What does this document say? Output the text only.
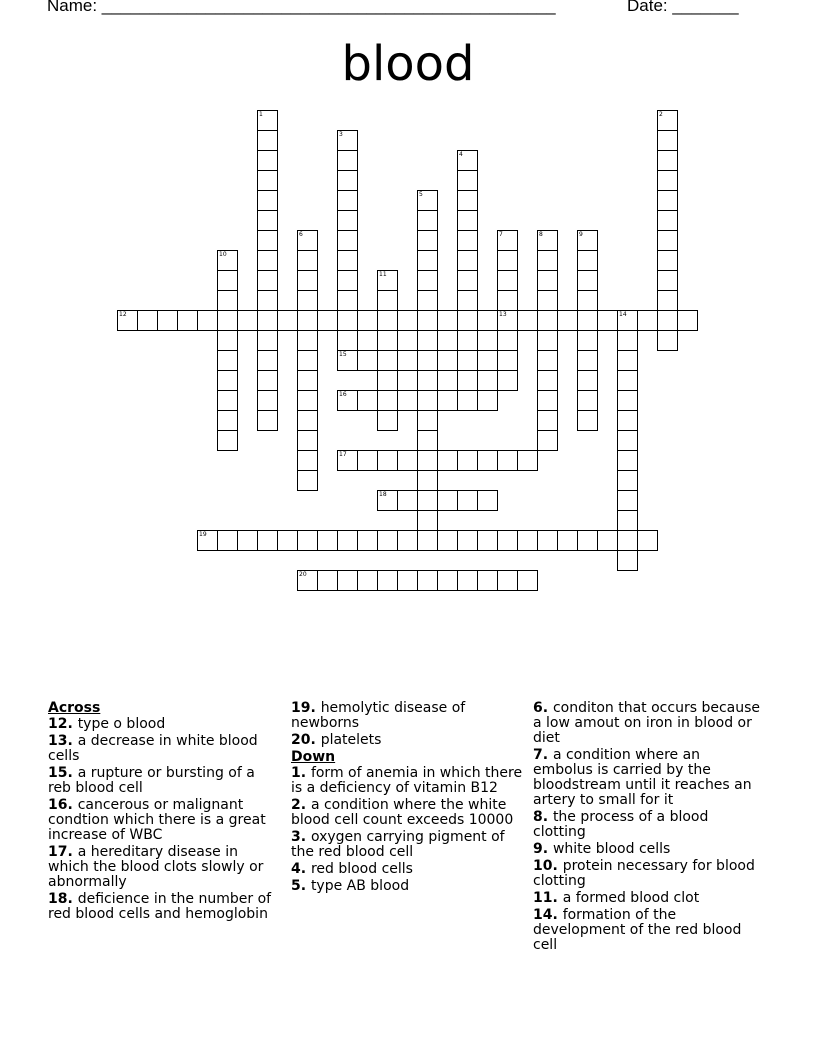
Name: ________________________________________________	Date: _______
blood
12	13
15
16
17
18
19
20
1	2
3
4
5
6	7	8	9
10
11
14
Across
12. type o blood
13. a decrease in white blood cells
15. a rupture or bursting of a reb blood cell
16. cancerous or malignant condtion which there is a great increase of WBC
17. a hereditary disease in which the blood clots slowly or abnormally
18. deficience in the number of red blood cells and hemoglobin
19. hemolytic disease of newborns
20. platelets
Down
1. form of anemia in which there is a deficiency of vitamin B12
2. a condition where the white blood cell count exceeds 10000
3. oxygen carrying pigment of the red blood cell
4. red blood cells
5. type AB blood
6. conditon that occurs because a low amout on iron in blood or diet
7. a condition where an embolus is carried by the bloodstream until it reaches an artery to small for it
8. the process of a blood clotting
9. white blood cells
10. protein necessary for blood clotting
11. a formed blood clot
14. formation of the development of the red blood cell
